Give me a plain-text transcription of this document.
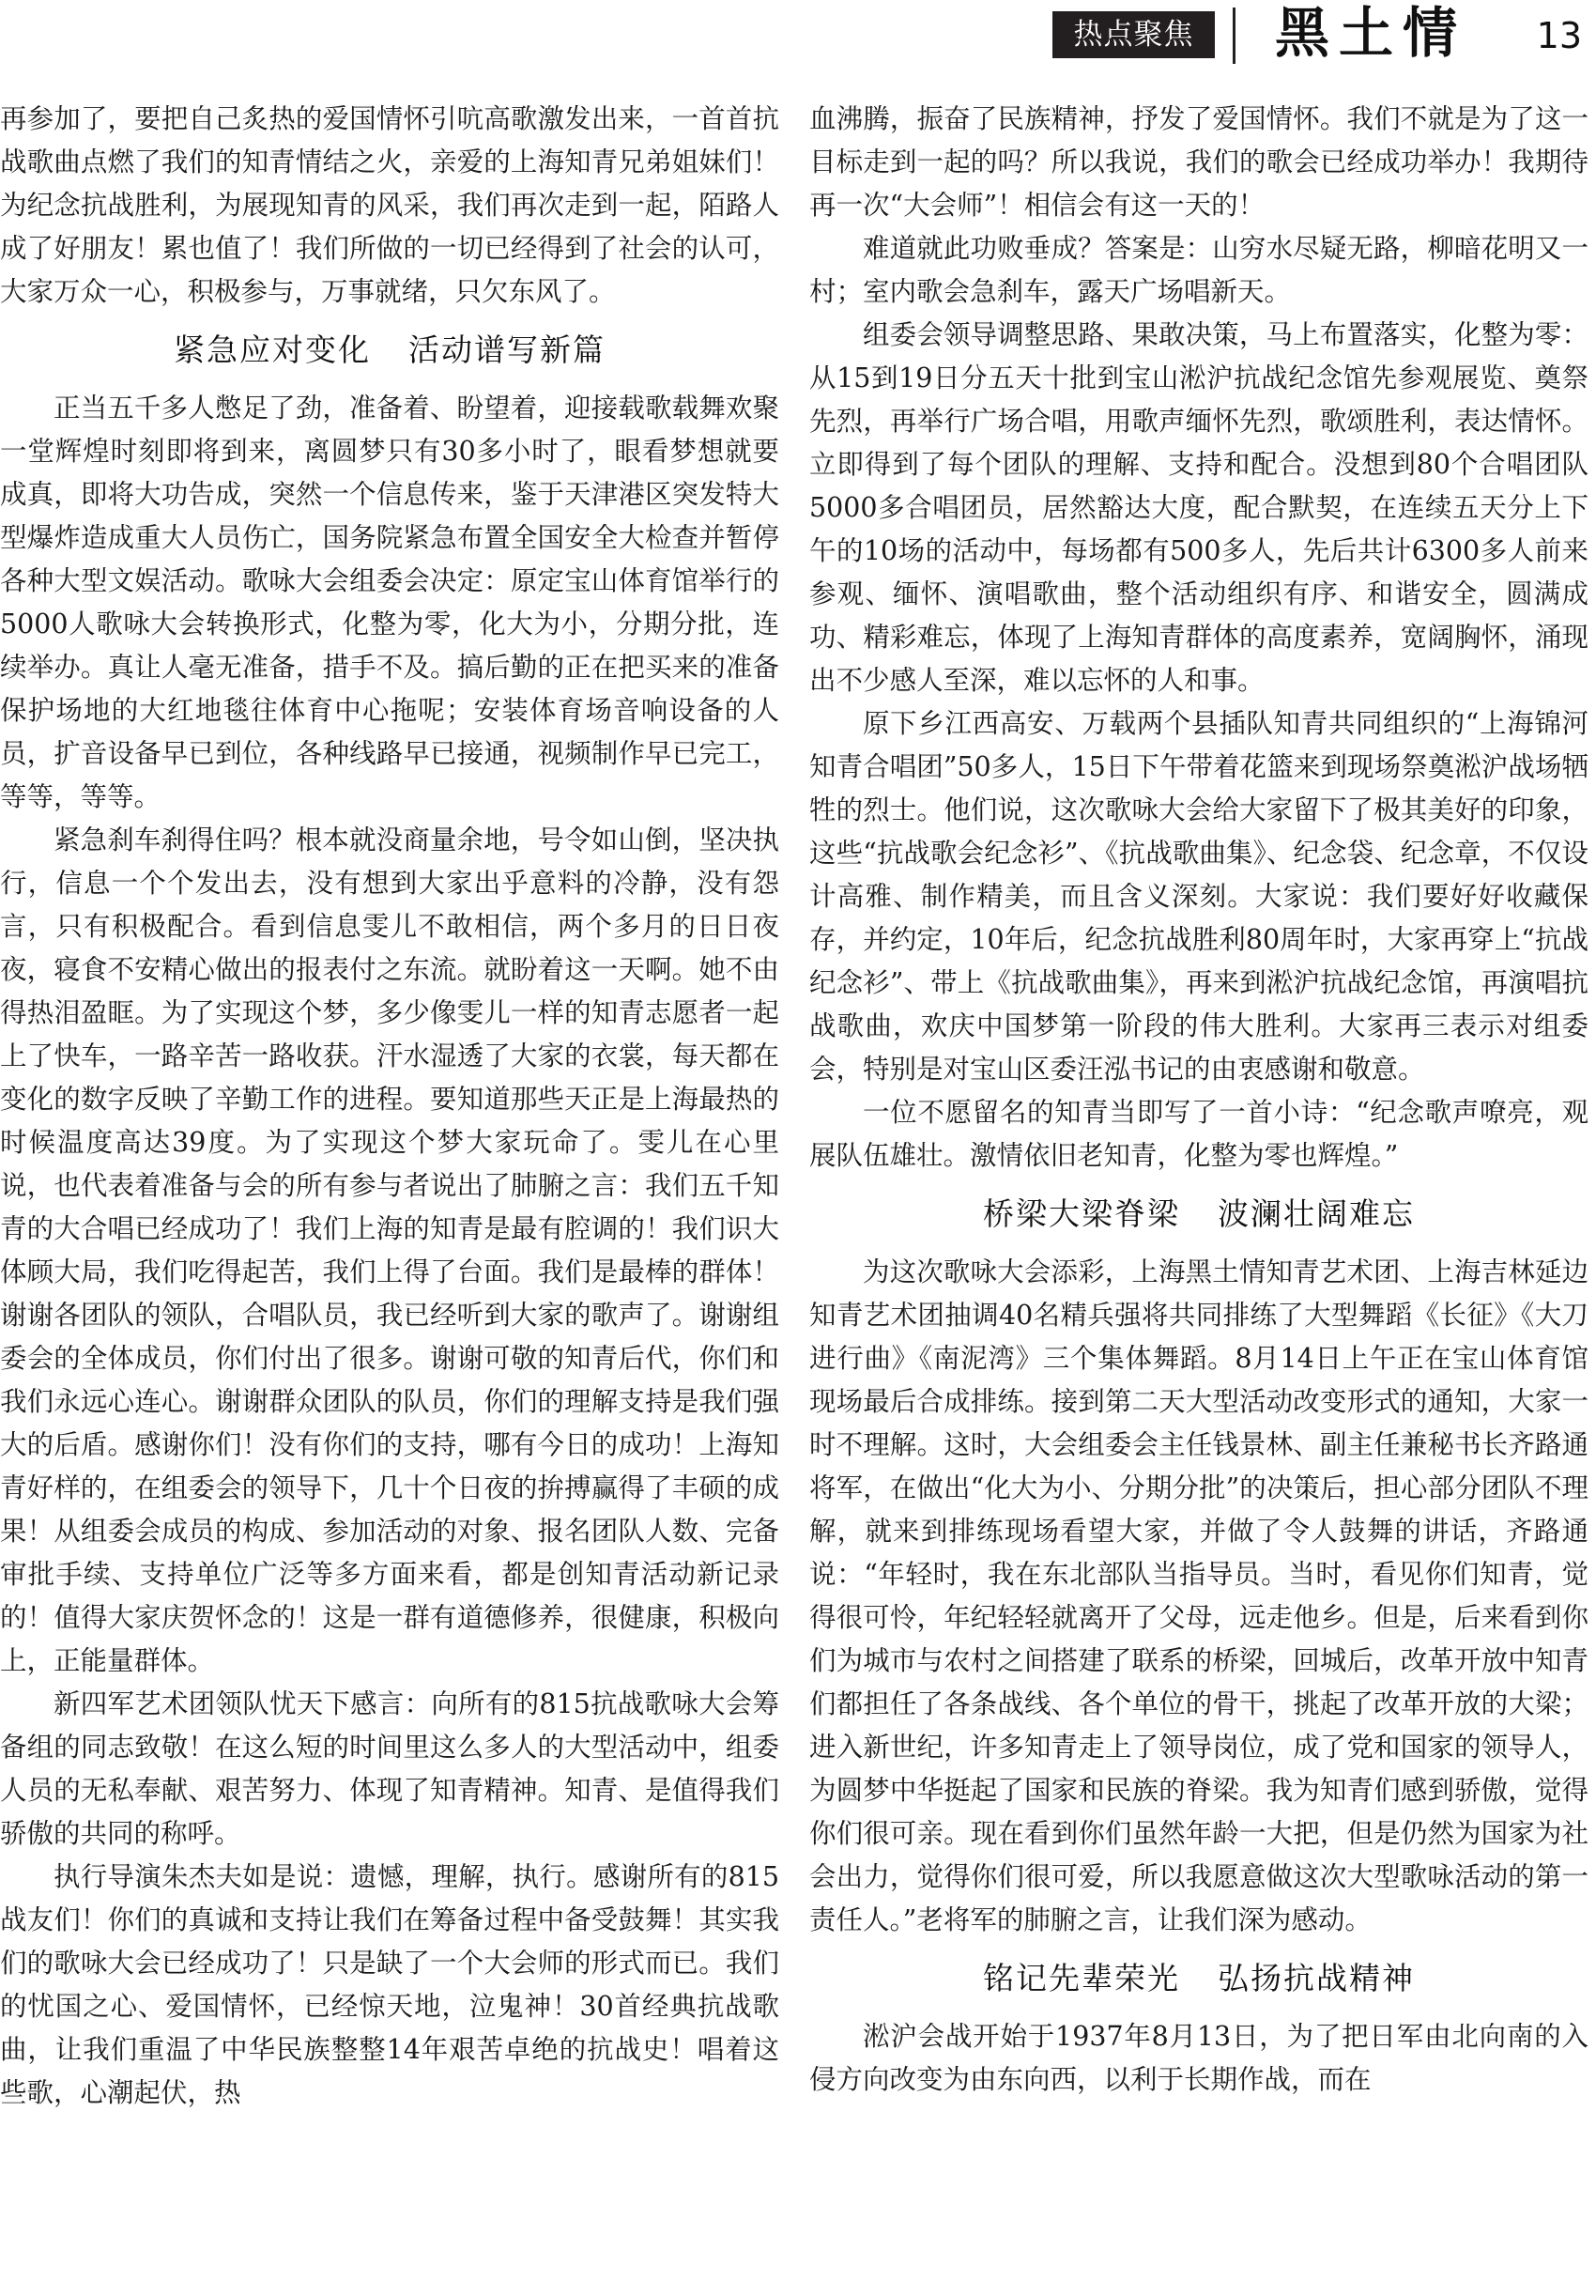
热点聚焦	黑土情	13

再参加了，要把自己炙热的爱国情怀引吭高歌激发出来，一首首抗战歌曲点燃了我们的知青情结之火，亲爱的上海知青兄弟姐妹们！为纪念抗战胜利，为展现知青的风采，我们再次走到一起，陌路人成了好朋友！累也值了！我们所做的一切已经得到了社会的认可，大家万众一心，积极参与，万事就绪，只欠东风了。

紧急应对变化 活动谱写新篇

正当五千多人憋足了劲，准备着、盼望着，迎接载歌载舞欢聚一堂辉煌时刻即将到来，离圆梦只有30多小时了，眼看梦想就要成真，即将大功告成，突然一个信息传来，鉴于天津港区突发特大型爆炸造成重大人员伤亡，国务院紧急布置全国安全大检查并暂停各种大型文娱活动。歌咏大会组委会决定：原定宝山体育馆举行的5000人歌咏大会转换形式，化整为零，化大为小，分期分批，连续举办。真让人毫无准备，措手不及。搞后勤的正在把买来的准备保护场地的大红地毯往体育中心拖呢；安装体育场音响设备的人员，扩音设备早已到位，各种线路早已接通，视频制作早已完工，等等，等等。

紧急刹车刹得住吗？根本就没商量余地，号令如山倒，坚决执行，信息一个个发出去，没有想到大家出乎意料的冷静，没有怨言，只有积极配合。看到信息雯儿不敢相信，两个多月的日日夜夜，寝食不安精心做出的报表付之东流。就盼着这一天啊。她不由得热泪盈眶。为了实现这个梦，多少像雯儿一样的知青志愿者一起上了快车，一路辛苦一路收获。汗水湿透了大家的衣裳，每天都在变化的数字反映了辛勤工作的进程。要知道那些天正是上海最热的时候温度高达39度。为了实现这个梦大家玩命了。雯儿在心里说，也代表着准备与会的所有参与者说出了肺腑之言：我们五千知青的大合唱已经成功了！我们上海的知青是最有腔调的！我们识大体顾大局，我们吃得起苦，我们上得了台面。我们是最棒的群体！谢谢各团队的领队，合唱队员，我已经听到大家的歌声了。谢谢组委会的全体成员，你们付出了很多。谢谢可敬的知青后代，你们和我们永远心连心。谢谢群众团队的队员，你们的理解支持是我们强大的后盾。感谢你们！没有你们的支持，哪有今日的成功！上海知青好样的，在组委会的领导下，几十个日夜的拚搏赢得了丰硕的成果！从组委会成员的构成、参加活动的对象、报名团队人数、完备审批手续、支持单位广泛等多方面来看，都是创知青活动新记录的！值得大家庆贺怀念的！这是一群有道德修养，很健康，积极向上，正能量群体。

新四军艺术团领队忧天下感言：向所有的815抗战歌咏大会筹备组的同志致敬！在这么短的时间里这么多人的大型活动中，组委人员的无私奉献、艰苦努力、体现了知青精神。知青、是值得我们骄傲的共同的称呼。

执行导演朱杰夫如是说：遗憾，理解，执行。感谢所有的815战友们！你们的真诚和支持让我们在筹备过程中备受鼓舞！其实我们的歌咏大会已经成功了！只是缺了一个大会师的形式而已。我们的忧国之心、爱国情怀，已经惊天地，泣鬼神！30首经典抗战歌曲，让我们重温了中华民族整整14年艰苦卓绝的抗战史！唱着这些歌，心潮起伏，热

血沸腾，振奋了民族精神，抒发了爱国情怀。我们不就是为了这一目标走到一起的吗？所以我说，我们的歌会已经成功举办！我期待再一次“大会师”！相信会有这一天的！

难道就此功败垂成？答案是：山穷水尽疑无路，柳暗花明又一村；室内歌会急刹车，露天广场唱新天。

组委会领导调整思路、果敢决策，马上布置落实，化整为零：从15到19日分五天十批到宝山淞沪抗战纪念馆先参观展览、奠祭先烈，再举行广场合唱，用歌声缅怀先烈，歌颂胜利，表达情怀。立即得到了每个团队的理解、支持和配合。没想到80个合唱团队5000多合唱团员，居然豁达大度，配合默契，在连续五天分上下午的10场的活动中，每场都有500多人，先后共计6300多人前来参观、缅怀、演唱歌曲，整个活动组织有序、和谐安全，圆满成功、精彩难忘，体现了上海知青群体的高度素养，宽阔胸怀，涌现出不少感人至深，难以忘怀的人和事。

原下乡江西高安、万载两个县插队知青共同组织的“上海锦河知青合唱团”50多人，15日下午带着花篮来到现场祭奠淞沪战场牺牲的烈士。他们说，这次歌咏大会给大家留下了极其美好的印象，这些“抗战歌会纪念衫”、《抗战歌曲集》、纪念袋、纪念章，不仅设计高雅、制作精美，而且含义深刻。大家说：我们要好好收藏保存，并约定，10年后，纪念抗战胜利80周年时，大家再穿上“抗战纪念衫”、带上《抗战歌曲集》，再来到淞沪抗战纪念馆，再演唱抗战歌曲，欢庆中国梦第一阶段的伟大胜利。大家再三表示对组委会，特别是对宝山区委汪泓书记的由衷感谢和敬意。

一位不愿留名的知青当即写了一首小诗：“纪念歌声嘹亮，观展队伍雄壮。激情依旧老知青，化整为零也辉煌。”

桥梁大梁脊梁 波澜壮阔难忘

为这次歌咏大会添彩，上海黑土情知青艺术团、上海吉林延边知青艺术团抽调40名精兵强将共同排练了大型舞蹈《长征》《大刀进行曲》《南泥湾》三个集体舞蹈。8月14日上午正在宝山体育馆现场最后合成排练。接到第二天大型活动改变形式的通知，大家一时不理解。这时，大会组委会主任钱景林、副主任兼秘书长齐路通将军，在做出“化大为小、分期分批”的决策后，担心部分团队不理解，就来到排练现场看望大家，并做了令人鼓舞的讲话，齐路通说：“年轻时，我在东北部队当指导员。当时，看见你们知青，觉得很可怜，年纪轻轻就离开了父母，远走他乡。但是，后来看到你们为城市与农村之间搭建了联系的桥梁，回城后，改革开放中知青们都担任了各条战线、各个单位的骨干，挑起了改革开放的大梁；进入新世纪，许多知青走上了领导岗位，成了党和国家的领导人，为圆梦中华挺起了国家和民族的脊梁。我为知青们感到骄傲，觉得你们很可亲。现在看到你们虽然年龄一大把，但是仍然为国家为社会出力，觉得你们很可爱，所以我愿意做这次大型歌咏活动的第一责任人。”老将军的肺腑之言，让我们深为感动。

铭记先辈荣光 弘扬抗战精神

淞沪会战开始于1937年8月13日，为了把日军由北向南的入侵方向改变为由东向西，以利于长期作战，而在
